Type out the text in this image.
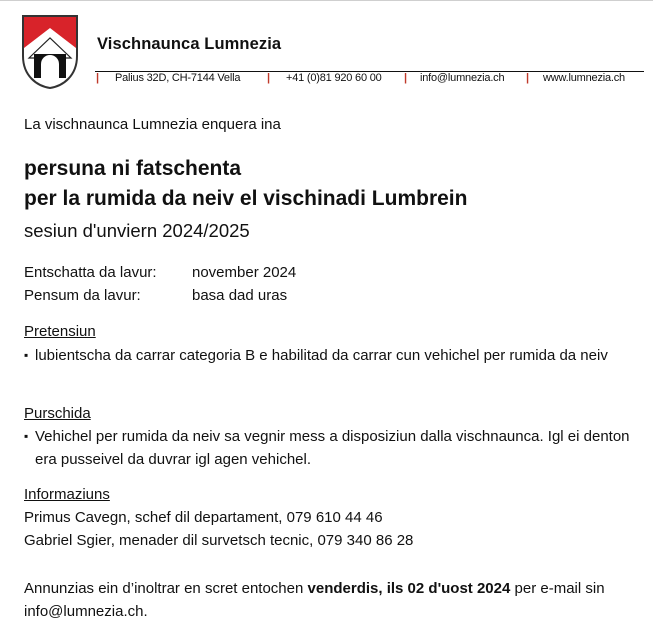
Vischnaunca Lumnezia
| Palius 32D, CH-7144 Vella | +41 (0)81 920 60 00 | info@lumnezia.ch | www.lumnezia.ch
La vischnaunca Lumnezia enquera ina
persuna ni fatschenta
per la rumida da neiv el vischinadi Lumbrein
sesiun d'unviern 2024/2025
Entschatta da lavur: november 2024
Pensum da lavur:	basa dad uras
Pretensiun
▪ lubientscha da carrar categoria B e habilitad da carrar cun vehichel per rumida da neiv
Purschida
▪ Vehichel per rumida da neiv sa vegnir mess a disposiziun dalla vischnaunca. Igl ei denton era pusseivel da duvrar igl agen vehichel.
Informaziuns
Primus Cavegn, schef dil departament, 079 610 44 46
Gabriel Sgier, menader dil survetsch tecnic, 079 340 86 28
Annunzias ein d’inoltrar en scret entochen venderdis, ils 02 d'uost 2024 per e-mail sin info@lumnezia.ch.
